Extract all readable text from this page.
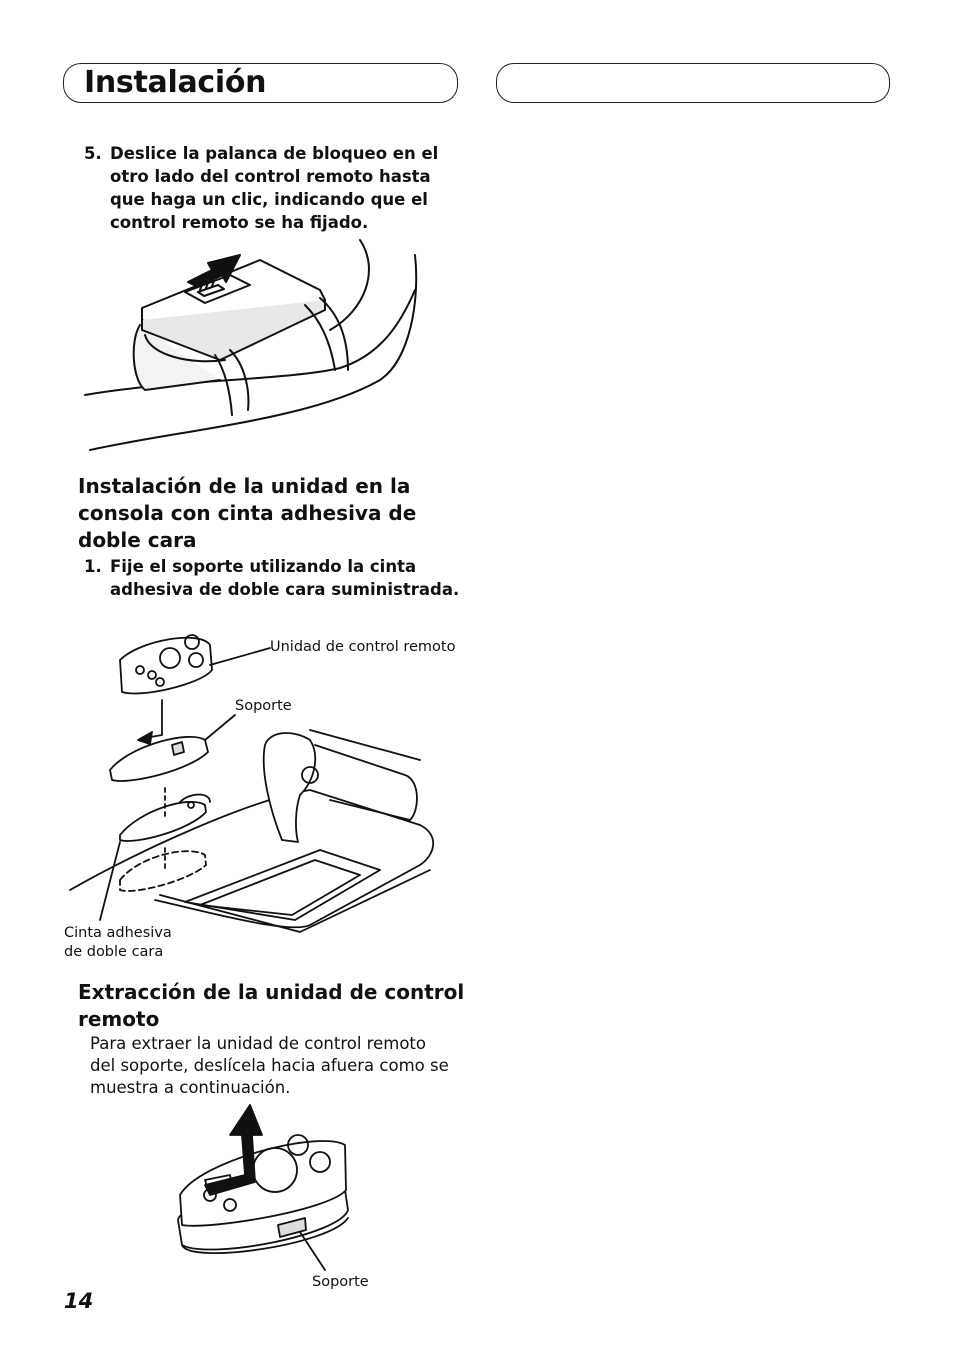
Instalación
5. Deslice la palanca de bloqueo en el otro lado del control remoto hasta que haga un clic, indicando que el control remoto se ha fijado.
Instalación de la unidad en la consola con cinta adhesiva de doble cara
1. Fije el soporte utilizando la cinta adhesiva de doble cara suministrada.
Unidad de control remoto
Soporte
Cinta adhesiva de doble cara
Extracción de la unidad de control remoto

Para extraer la unidad de control remoto del soporte, deslícela hacia afuera como se muestra a continuación.

Soporte
14
